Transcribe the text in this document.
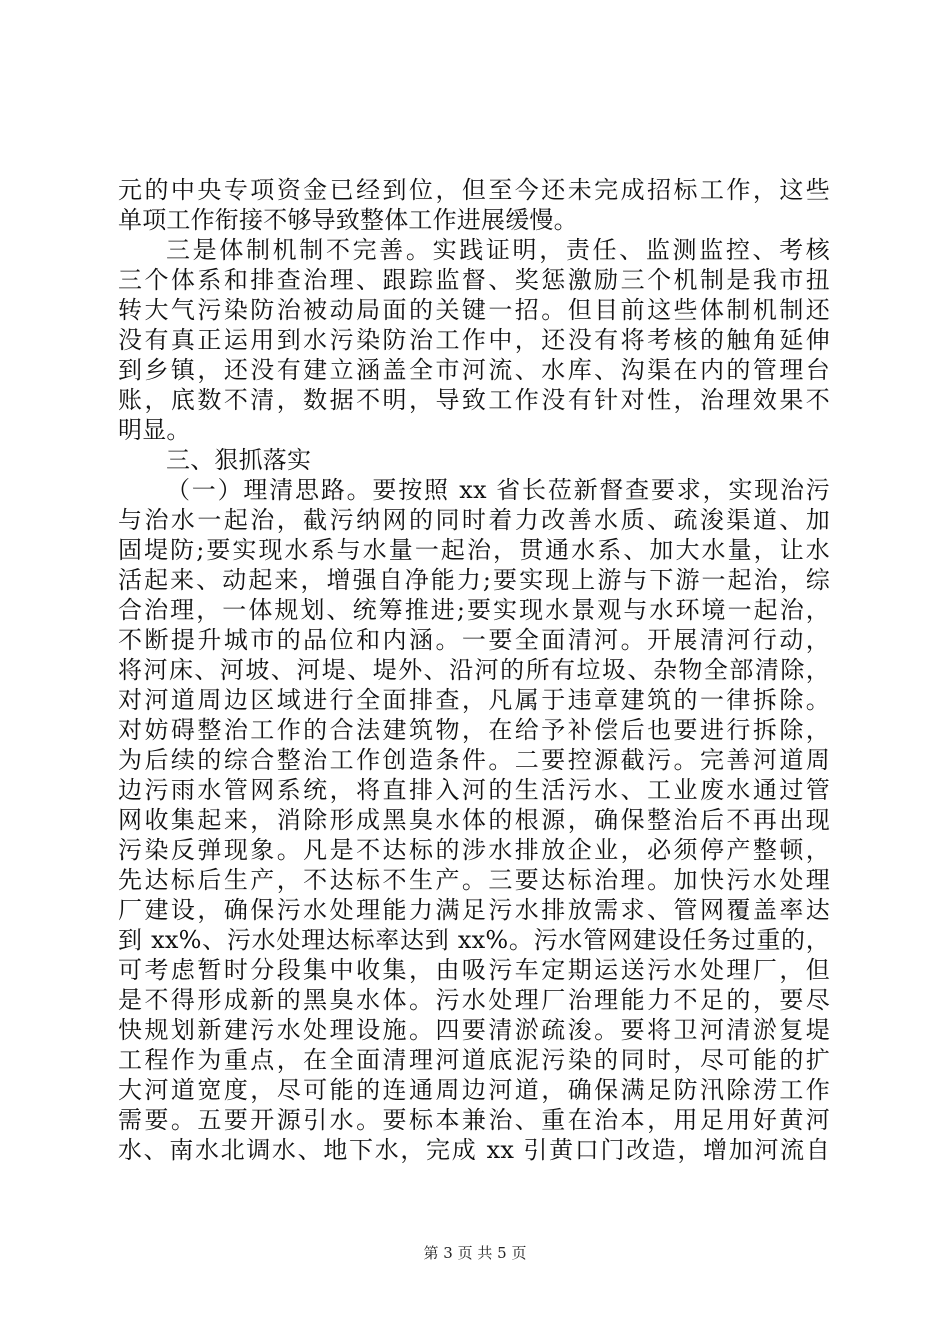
元的中央专项资金已经到位，但至今还未完成招标工作，这些
单项工作衔接不够导致整体工作进展缓慢。
三是体制机制不完善。实践证明，责任、监测监控、考核
三个体系和排查治理、跟踪监督、奖惩激励三个机制是我市扭
转大气污染防治被动局面的关键一招。但目前这些体制机制还
没有真正运用到水污染防治工作中，还没有将考核的触角延伸
到乡镇，还没有建立涵盖全市河流、水库、沟渠在内的管理台
账，底数不清，数据不明，导致工作没有针对性，治理效果不
明显。
三、狠抓落实
（一）理清思路。要按照 xx 省长莅新督查要求，实现治污
与治水一起治，截污纳网的同时着力改善水质、疏浚渠道、加
固堤防;要实现水系与水量一起治，贯通水系、加大水量，让水
活起来、动起来，增强自净能力;要实现上游与下游一起治，综
合治理，一体规划、统筹推进;要实现水景观与水环境一起治，
不断提升城市的品位和内涵。一要全面清河。开展清河行动，
将河床、河坡、河堤、堤外、沿河的所有垃圾、杂物全部清除，
对河道周边区域进行全面排查，凡属于违章建筑的一律拆除。
对妨碍整治工作的合法建筑物，在给予补偿后也要进行拆除，
为后续的综合整治工作创造条件。二要控源截污。完善河道周
边污雨水管网系统，将直排入河的生活污水、工业废水通过管
网收集起来，消除形成黑臭水体的根源，确保整治后不再出现
污染反弹现象。凡是不达标的涉水排放企业，必须停产整顿，
先达标后生产，不达标不生产。三要达标治理。加快污水处理
厂建设，确保污水处理能力满足污水排放需求、管网覆盖率达
到 xx%、污水处理达标率达到 xx%。污水管网建设任务过重的，
可考虑暂时分段集中收集，由吸污车定期运送污水处理厂，但
是不得形成新的黑臭水体。污水处理厂治理能力不足的，要尽
快规划新建污水处理设施。四要清淤疏浚。要将卫河清淤复堤
工程作为重点，在全面清理河道底泥污染的同时，尽可能的扩
大河道宽度，尽可能的连通周边河道，确保满足防汛除涝工作
需要。五要开源引水。要标本兼治、重在治本，用足用好黄河
水、南水北调水、地下水，完成 xx 引黄口门改造，增加河流自
第 3 页 共 5 页
